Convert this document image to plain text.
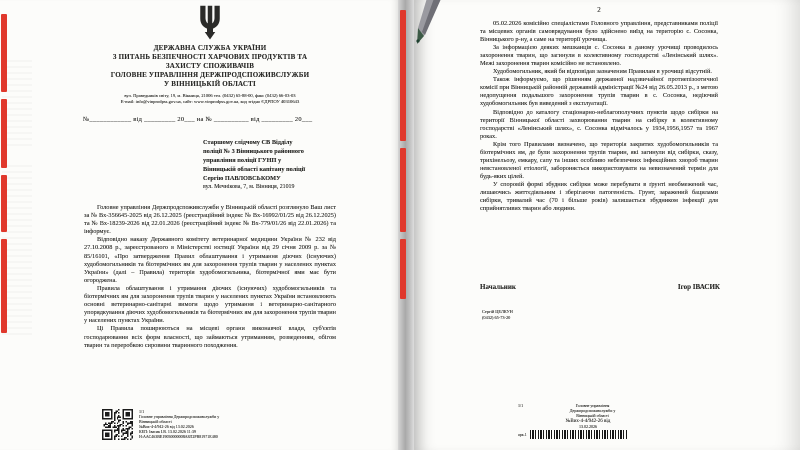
ДЕРЖАВНА СЛУЖБА УКРАЇНИ
З ПИТАНЬ БЕЗПЕЧНОСТІ ХАРЧОВИХ ПРОДУКТІВ ТА
ЗАХИСТУ СПОЖИВАЧІВ
ГОЛОВНЕ УПРАВЛІННЯ ДЕРЖПРОДСПОЖИВСЛУЖБИ
У ВІННИЦЬКІЙ ОБЛАСТІ
вул. Праведників світу, 19, м. Вінниця, 21006 тел. (0432) 65-88-00, факс (0432) 66-03-03
E-mail: info@vinprodpss.gov.ua, сайт: www.vinprodpss.gov.ua, код згідно ЄДРПОУ 40310643
№____________ від _________ 20___ на № __________ від _________ 20___
Старшому слідчому СВ Відділу
поліції № 3 Вінницького районного
управління поліції ГУНП у
Вінницькій області капітану поліції
Сергію ПАВЛОВСЬКОМУ
вул. Мечнікова, 7, м. Вінниця, 21019

Головне управління Держпродспоживслужби у Вінницькій області розглянуло Ваш лист за № Вх-356645-2025 від 26.12.2025 (реєстраційний індекс № Вх-16992/01/25 від 26.12.2025) та № Вх-18239-2026 від 22.01.2026 (реєстраційний індекс № Вх-779/01/26 від 22.01.2026) та інформує.

Відповідно наказу Державного комітету ветеринарної медицини України № 232 від 27.10.2008 р., зареєстрованого в Міністерстві юстиції України від 29 січня 2009 р. за № 85/16101, «Про затвердження Правил облаштування і утримання діючих (існуючих) худобомогильників та біотермічних ям для захоронення трупів тварин у населених пунктах України» (далі – Правила) територія худобомогильника, біотермічної ями має бути огороджена.

Правила облаштування і утримання діючих (існуючих) худобомогильників та біотермічних ям для захоронення трупів тварин у населених пунктах України встановлюють основні ветеринарно-санітарні вимоги щодо утримання і ветеринарно-санітарного упорядкування діючих худобомогильників та біотермічних ям для захоронення трупів тварин у населених пунктах України.

Ці Правила поширюються на місцеві органи виконавчої влади, суб'єктів господарювання всіх форм власності, що займаються утриманням, розведенням, обігом тварин та переробкою сировини тваринного походження.

1/1
Головне управління Держпродспоживслужби у
Вінницькій області
№Вих-4-4/942-26 від 13.02.2026
КЕП: Івасик І.В. 13.02.2026 11:39
Н:ААС463ВЕ1905000000ВА8Л2РВ81971Е480
2

05.02.2026 комісійно спеціалістами Головного управління, представниками поліції та місцевих органів самоврядування було здійснено виїзд на територію с. Сосонка, Вінницького р-ну, а саме на території урочища.

За інформацією деяких мешканців с. Сосонка в даному урочищі проводилось захоронення тварин, що загинули в колективному господарстві «Ленінський шлях». Межі захоронення тварин комісійно не встановлено.

Худобомогильник, який би відповідав зазначеним Правилам в урочищі відсутній.

Також інформуємо, що рішенням державної надзвичайної протиепізоотичної комісії при Вінницькій районній державній адміністрації №24 від 26.05.2013 р., з метою недопущення подальшого захоронення трупів тварин в с. Сосонка, недіючий худобомогильник був виведений з експлуатації.

Відповідно до каталогу стаціонарно-неблагополучних пунктів щодо сибірки на території Вінницької області захворювання тварин на сибірку в колективному господарстві «Ленінський шлях», с. Сосонка відмічалось у 1934,1956,1957 та 1967 роках.

Крім того Правилами визначено, що територія закритих худобомогильників та біотермічних ям, де були захоронення трупів тварин, які загинули від сибірки, сказу, трихінельозу, емкару, сапу та інших особливо небезпечних інфекційних хвороб тварин невстановленої етіології, забороняється використовувати на невизначений термін для будь-яких цілей.

У споровій формі збудник сибірки може перебувати в ґрунті необмежений час, лишаючись життєдіяльним і зберігаючи патогенність. Грунт, заражений бацилами сибірки, тривалий час (70 і більше років) залишається збудником інфекції для сприйнятливих тварин або людини.

Начальник	Ігор ІВАСИК
Сергій ЦЕЛКУН
(0432) 65-73-20
1/1	Головне управління
Держпродспоживслужби у
Вінницькій області
№Вих-4-4/942-26 від
13.02.2026
арк.1
